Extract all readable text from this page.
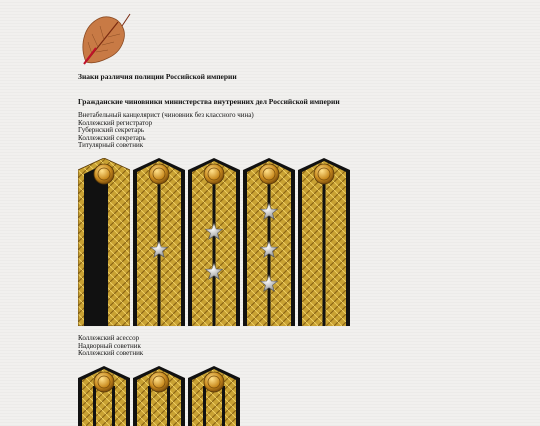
Знаки различия полиции Российской империи
Гражданские чиновники министерства внутренних дел Российской империи
Внетабельный канцелярист (чиновник без классного чина)
Коллежский регистратор
Губернский секретарь
Коллежский секретарь
Титулярный советник
Коллежский асессор
Надворный советник
Коллежский советник
